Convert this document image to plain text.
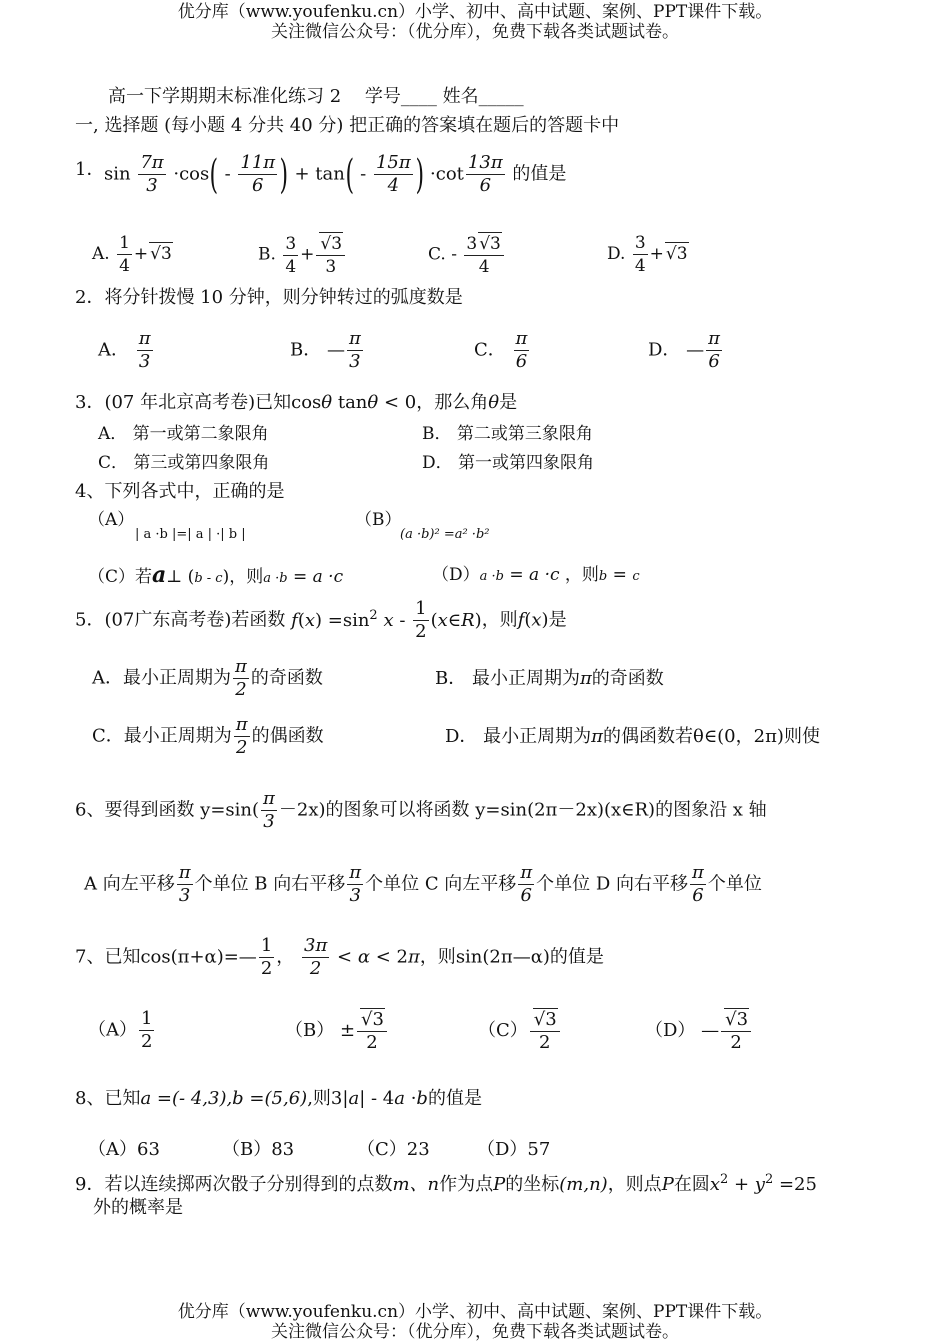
优分库（www.youfenku.cn）小学、初中、高中试题、案例、PPT课件下载。
关注微信公众号：（优分库），免费下载各类试题试卷。
高一下学期期末标准化练习 2　 学号____ 姓名_____
一, 选择题 (每小题 4 分共 40 分) 把正确的答案填在题后的答题卡中
1． $\sin \frac{7\pi}{3} \cdot\cos( - \frac{11\pi}{6}$ ) + $\tan( - \frac{15\pi}{4}$ ) $\cdot\cot \frac{13\pi}{6}$ 的值是
A. $\frac{1}{4}$ + √ 3	B. $\frac{3}{4}$ + √ $\frac{3}{3}$	C. - $\frac{3 √ 3}{4}$	D. $\frac{3}{4}$ + √ 3
2．将分针拨慢 10 分钟，则分钟转过的弧度数是
A． $\frac{\pi}{3}$	B． — $\frac{\pi}{3}$	C． $\frac{\pi}{6}$	D． — $\frac{\pi}{6}$
3．(07 年北京高考卷)已知cosθ tanθ < 0，那么角θ是
A． 第一或第二象限角	B． 第二或第三象限角
C． 第三或第四象限角	D． 第一或第四象限角
4、下列各式中，正确的是
（A）
| a ·b |=| a | ·| b |
（B）
(a ·b)² =a² ·b²
（C）若a⊥ (b - c)，则a ·b = a ·c	（D）a ·b = a ·c ，则b = c
5．(07广东高考卷)若函数 $f(x) =\sin^2$ x - $\frac{1}{2}$ (x∈R)，则f(x)是
A．最小正周期为 $\frac{\pi}{2}$ 的奇函数	B． 最小正周期为π的奇函数
C．最小正周期为 $\frac{\pi}{2}$ 的偶函数	D． 最小正周期为π的偶函数若θ∈(0，2π)则使
6、要得到函数 $y=\sin( \frac{\pi}{3} -2x)$的图象可以将函数 y=sin(2π－2x)(x∈R)的图象沿 x 轴
A 向左平移 $\frac{\pi}{3}$ 个单位 B 向右平移 $\frac{\pi}{3}$ 个单位 C 向左平移 $\frac{\pi}{6}$ 个单位 D 向右平移 $\frac{\pi}{6}$ 个单位
7、已知cos(π+α)=— $\frac{1}{2}$ ， $\frac{3\pi}{2} < \alpha < 2\pi$，则sin(2π—α)的值是
$(A) \frac{1}{2}$	（B） ± √ $\frac{3}{2}$	（C） √ $\frac{3}{2}$	（D） — √ $\frac{3}{2}$
8、已知a =(- 4,3),b =(5,6),则3|a| - 4a ·b的值是
（A）63	（B）83	（C）23	（D）57
9．若以连续掷两次骰子分别得到的点数m、n作为点P的坐标(m,n)，则点P在圆$x^2 + y^2 =25$
外的概率是
优分库（www.youfenku.cn）小学、初中、高中试题、案例、PPT课件下载。
关注微信公众号：（优分库），免费下载各类试题试卷。
